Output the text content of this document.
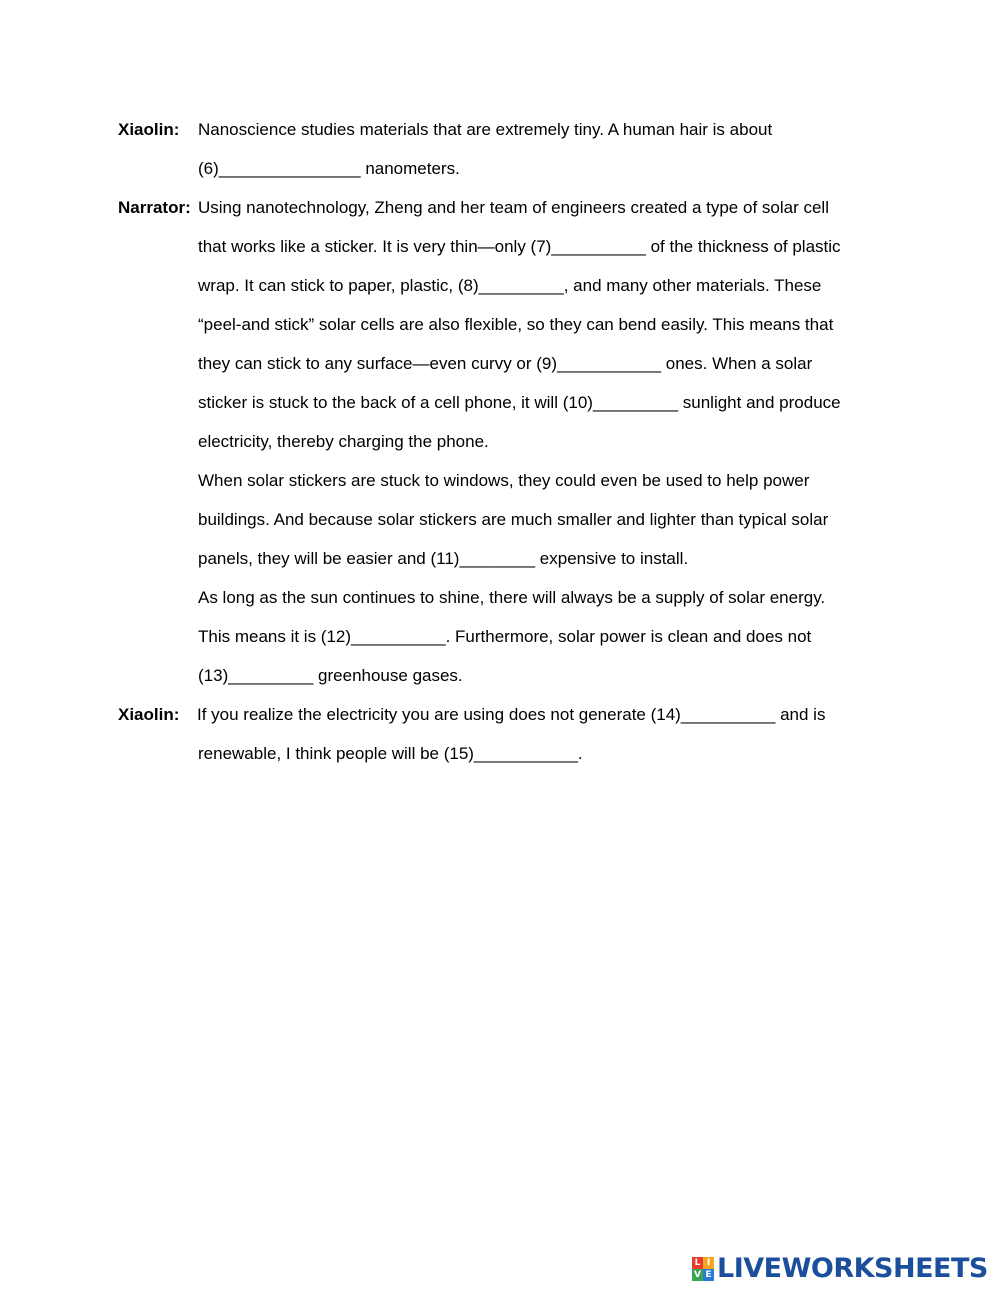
Xiaolin: Nanoscience studies materials that are extremely tiny. A human hair is about
(6)_______________ nanometers.
Narrator: Using nanotechnology, Zheng and her team of engineers created a type of solar cell
that works like a sticker. It is very thin—only (7)__________ of the thickness of plastic
wrap. It can stick to paper, plastic, (8)_________, and many other materials. These
“peel-and stick” solar cells are also flexible, so they can bend easily. This means that
they can stick to any surface—even curvy or (9)___________ ones. When a solar
sticker is stuck to the back of a cell phone, it will (10)_________ sunlight and produce
electricity, thereby charging the phone.
When solar stickers are stuck to windows, they could even be used to help power
buildings. And because solar stickers are much smaller and lighter than typical solar
panels, they will be easier and (11)________ expensive to install.
As long as the sun continues to shine, there will always be a supply of solar energy.
This means it is (12)__________. Furthermore, solar power is clean and does not
(13)_________ greenhouse gases.
Xiaolin: If you realize the electricity you are using does not generate (14)__________ and is
renewable, I think people will be (15)___________.
L I
V E LIVEWORKSHEETS
